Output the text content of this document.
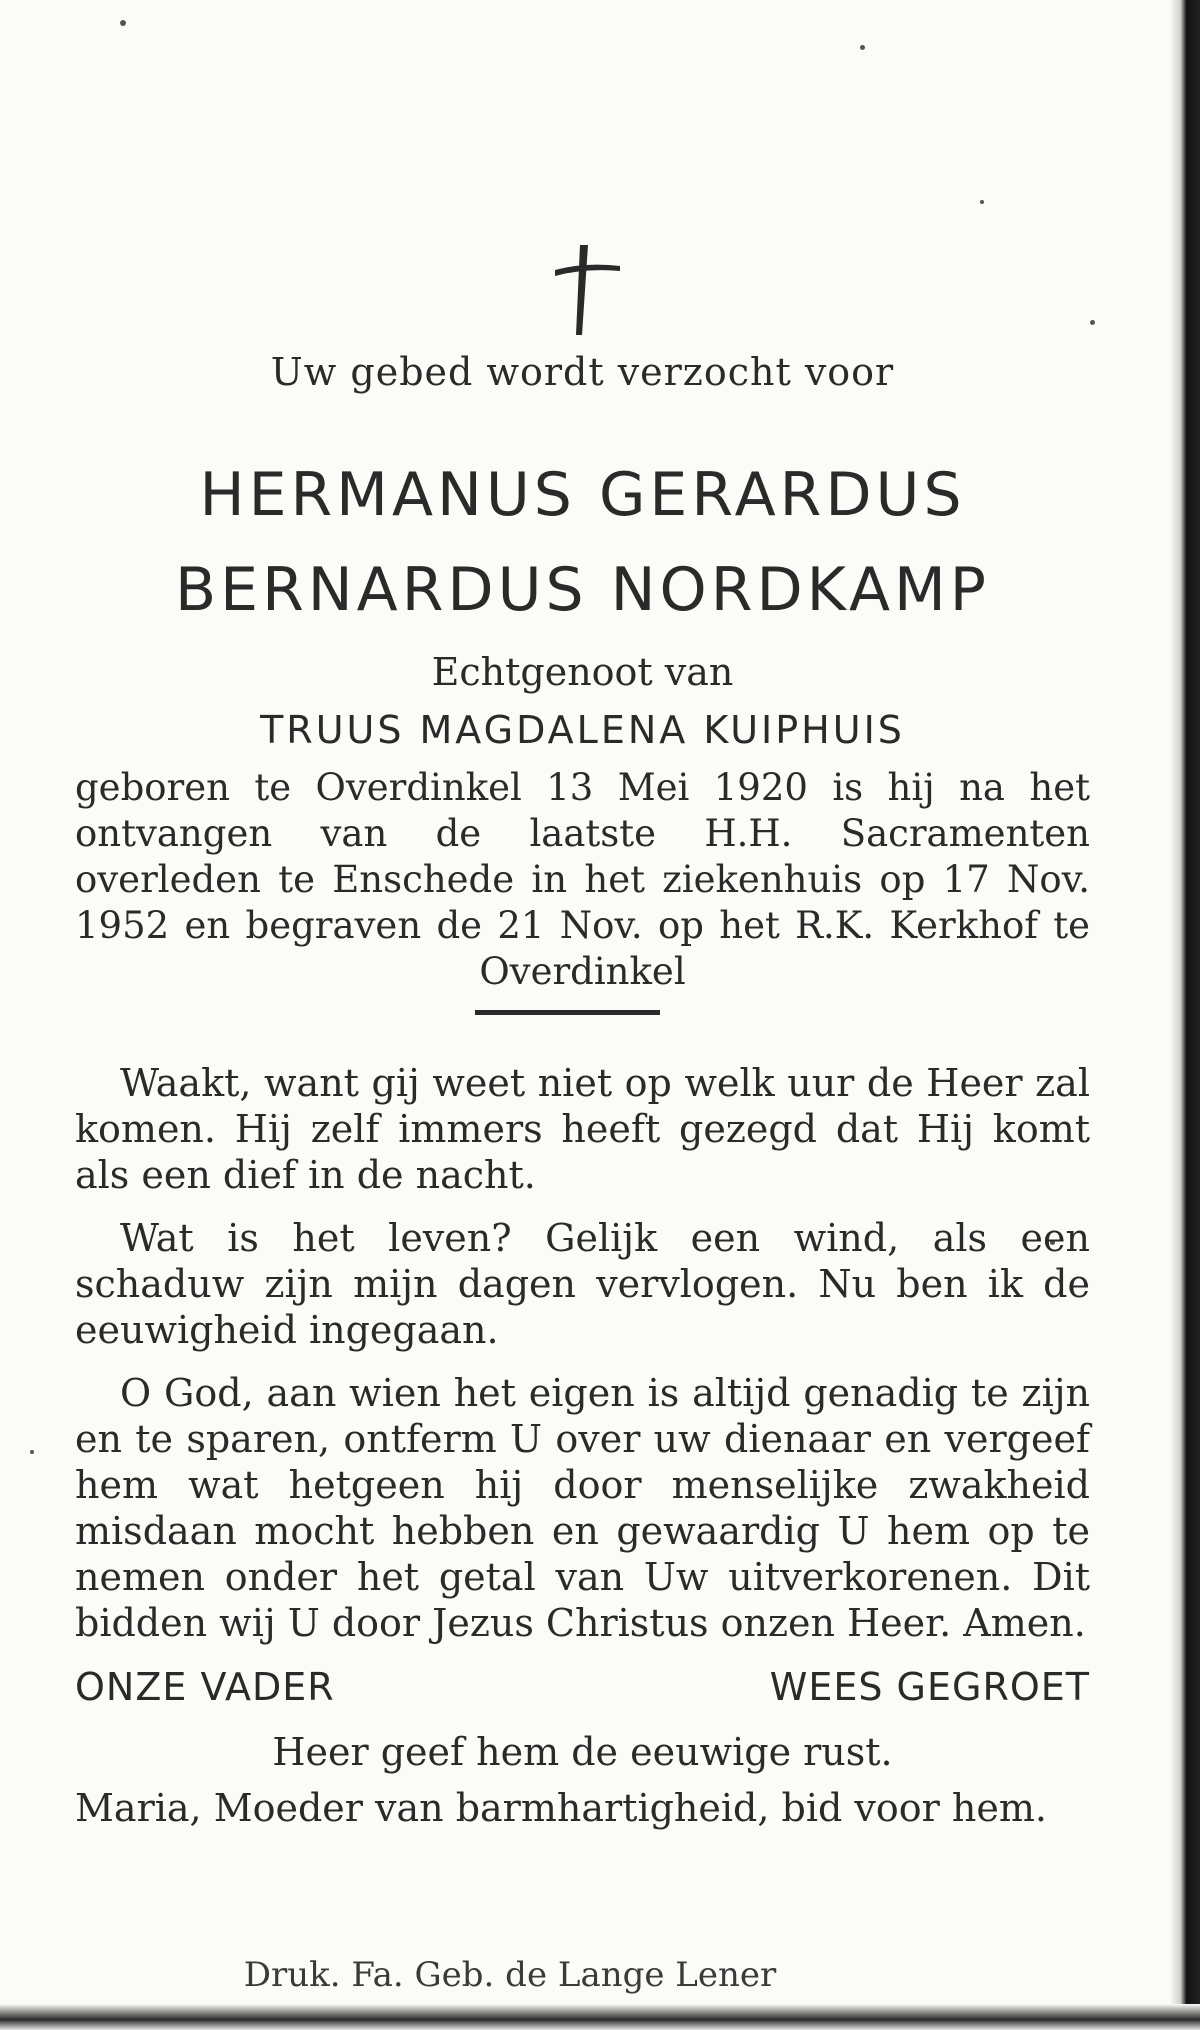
Uw gebed wordt verzocht voor
HERMANUS GERARDUS
BERNARDUS NORDKAMP
Echtgenoot van
TRUUS MAGDALENA KUIPHUIS
geboren te Overdinkel 13 Mei 1920 is hij na het ontvangen van de laatste H.H. Sacramenten overleden te Enschede in het ziekenhuis op 17 Nov. 1952 en begraven de 21 Nov. op het R.K. Kerkhof te Overdinkel
Waakt, want gij weet niet op welk uur de Heer zal komen. Hij zelf immers heeft gezegd dat Hij komt als een dief in de nacht.
Wat is het leven? Gelijk een wind, als een schaduw zijn mijn dagen vervlogen. Nu ben ik de eeuwigheid ingegaan.
O God, aan wien het eigen is altijd genadig te zijn en te sparen, ontferm U over uw dienaar en vergeef hem wat hetgeen hij door menselijke zwakheid misdaan mocht hebben en gewaardig U hem op te nemen onder het getal van Uw uitverkorenen. Dit bidden wij U door Jezus Christus onzen Heer. Amen.
ONZE VADER	WEES GEGROET
Heer geef hem de eeuwige rust.
Maria, Moeder van barmhartigheid, bid voor hem.
Druk. Fa. Geb. de Lange Lener
